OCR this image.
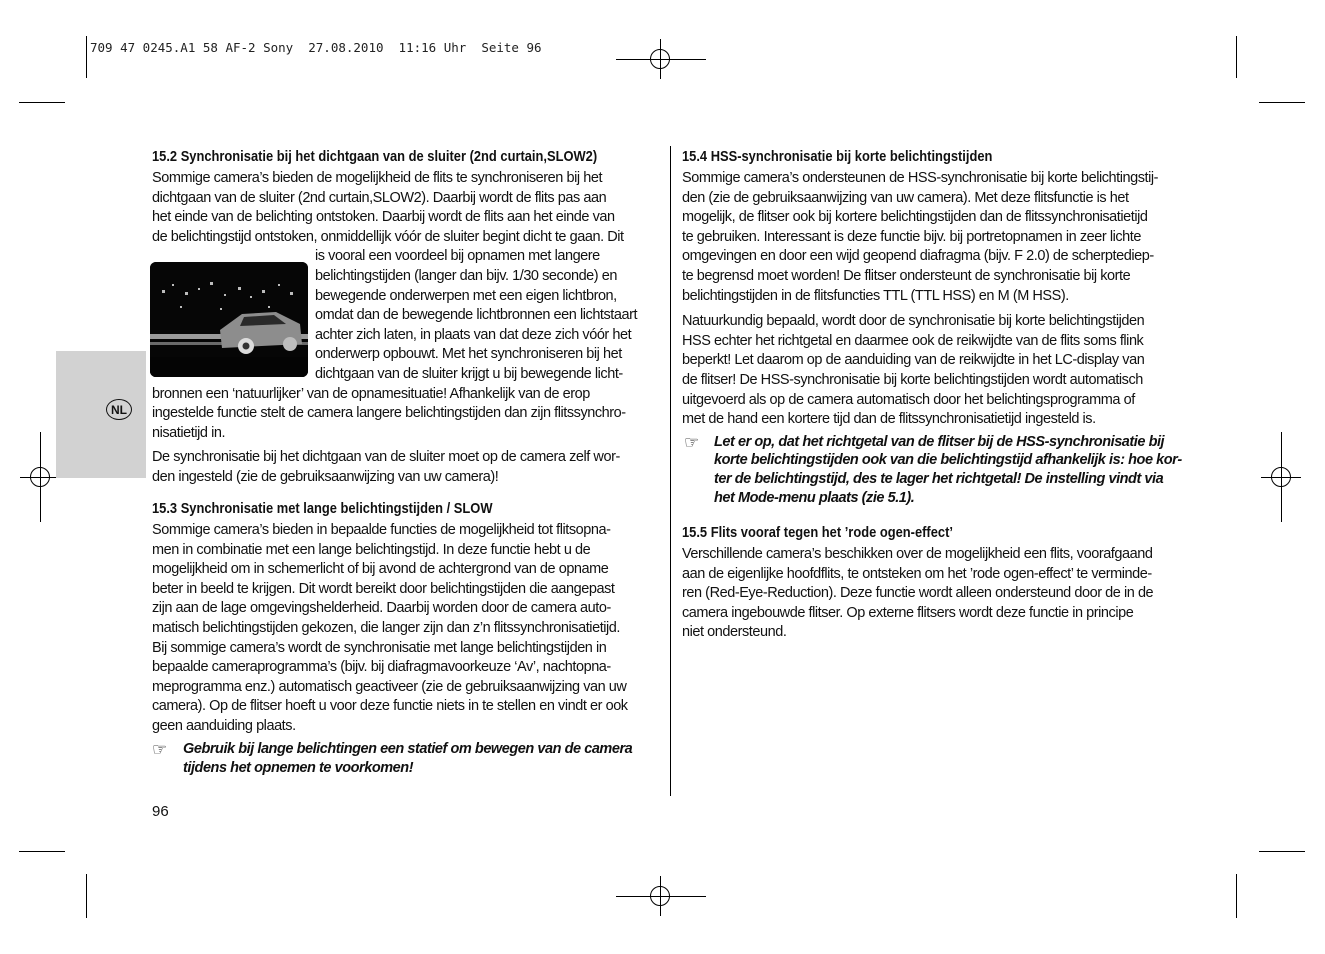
709 47 0245.A1 58 AF-2 Sony  27.08.2010  11:16 Uhr  Seite 96
NL
15.2 Synchronisatie bij het dichtgaan van de sluiter (2nd curtain,SLOW2)
Sommige camera’s bieden de mogelijkheid de flits te synchroniseren bij het
dichtgaan van de sluiter (2nd curtain,SLOW2). Daarbij wordt de flits pas aan
het einde van de belichting ontstoken. Daarbij wordt de flits aan het einde van
de belichtingstijd ontstoken, onmiddellijk vóór de sluiter begint dicht te gaan. Dit
is vooral een voordeel bij opnamen met langere
belichtingstijden (langer dan bijv. 1/30 seconde) en
bewegende onderwerpen met een eigen lichtbron,
omdat dan de bewegende lichtbronnen een lichtstaart
achter zich laten, in plaats van dat deze zich vóór het
onderwerp opbouwt. Met het synchroniseren bij het
dichtgaan van de sluiter krijgt u bij bewegende licht-
bronnen een ‘natuurlijker’ van de opnamesituatie! Afhankelijk van de erop
ingestelde functie stelt de camera langere belichtingstijden dan zijn flitssynchro-
nisatietijd in.
De synchronisatie bij het dichtgaan van de sluiter moet op de camera zelf wor-
den ingesteld (zie de gebruiksaanwijzing van uw camera)!
15.3 Synchronisatie met lange belichtingstijden / SLOW
Sommige camera’s bieden in bepaalde functies de mogelijkheid tot flitsopna-
men in combinatie met een lange belichtingstijd. In deze functie hebt u de
mogelijkheid om in schemerlicht of bij avond de achtergrond van de opname
beter in beeld te krijgen. Dit wordt bereikt door belichtingstijden die aangepast
zijn aan de lage omgevingshelderheid. Daarbij worden door de camera auto-
matisch belichtingstijden gekozen, die langer zijn dan z’n flitssynchronisatietijd.
Bij sommige camera’s wordt de synchronisatie met lange belichtingstijden in
bepaalde cameraprogramma’s (bijv. bij diafragmavoorkeuze ‘Av’, nachtopna-
meprogramma enz.) automatisch geactiveer (zie de gebruiksaanwijzing van uw
camera). Op de flitser hoeft u voor deze functie niets in te stellen en vindt er ook
geen aanduiding plaats.
☞ Gebruik bij lange belichtingen een statief om bewegen van de camera
tijdens het opnemen te voorkomen!
96
15.4 HSS-synchronisatie bij korte belichtingstijden
Sommige camera’s ondersteunen de HSS-synchronisatie bij korte belichtingstij-
den (zie de gebruiksaanwijzing van uw camera). Met deze flitsfunctie is het
mogelijk, de flitser ook bij kortere belichtingstijden dan de flitssynchronisatietijd
te gebruiken. Interessant is deze functie bijv. bij portretopnamen in zeer lichte
omgevingen en door een wijd geopend diafragma (bijv. F 2.0) de scherptediep-
te begrensd moet worden! De flitser ondersteunt de synchronisatie bij korte
belichtingstijden in de flitsfuncties TTL (TTL HSS) en M (M HSS).
Natuurkundig bepaald, wordt door de synchronisatie bij korte belichtingstijden
HSS echter het richtgetal en daarmee ook de reikwijdte van de flits soms flink
beperkt! Let daarom op de aanduiding van de reikwijdte in het LC-display van
de flitser! De HSS-synchronisatie bij korte belichtingstijden wordt automatisch
uitgevoerd als op de camera automatisch door het belichtingsprogramma of
met de hand een kortere tijd dan de flitssynchronisatietijd ingesteld is.
☞ Let er op, dat het richtgetal van de flitser bij de HSS-synchronisatie bij
korte belichtingstijden ook van die belichtingstijd afhankelijk is: hoe kor-
ter de belichtingstijd, des te lager het richtgetal! De instelling vindt via
het Mode-menu plaats (zie 5.1).
15.5 Flits vooraf tegen het ’rode ogen-effect’
Verschillende camera’s beschikken over de mogelijkheid een flits, voorafgaand
aan de eigenlijke hoofdflits, te ontsteken om het ’rode ogen-effect’ te verminde-
ren (Red-Eye-Reduction). Deze functie wordt alleen ondersteund door de in de
camera ingebouwde flitser. Op externe flitsers wordt deze functie in principe
niet ondersteund.
